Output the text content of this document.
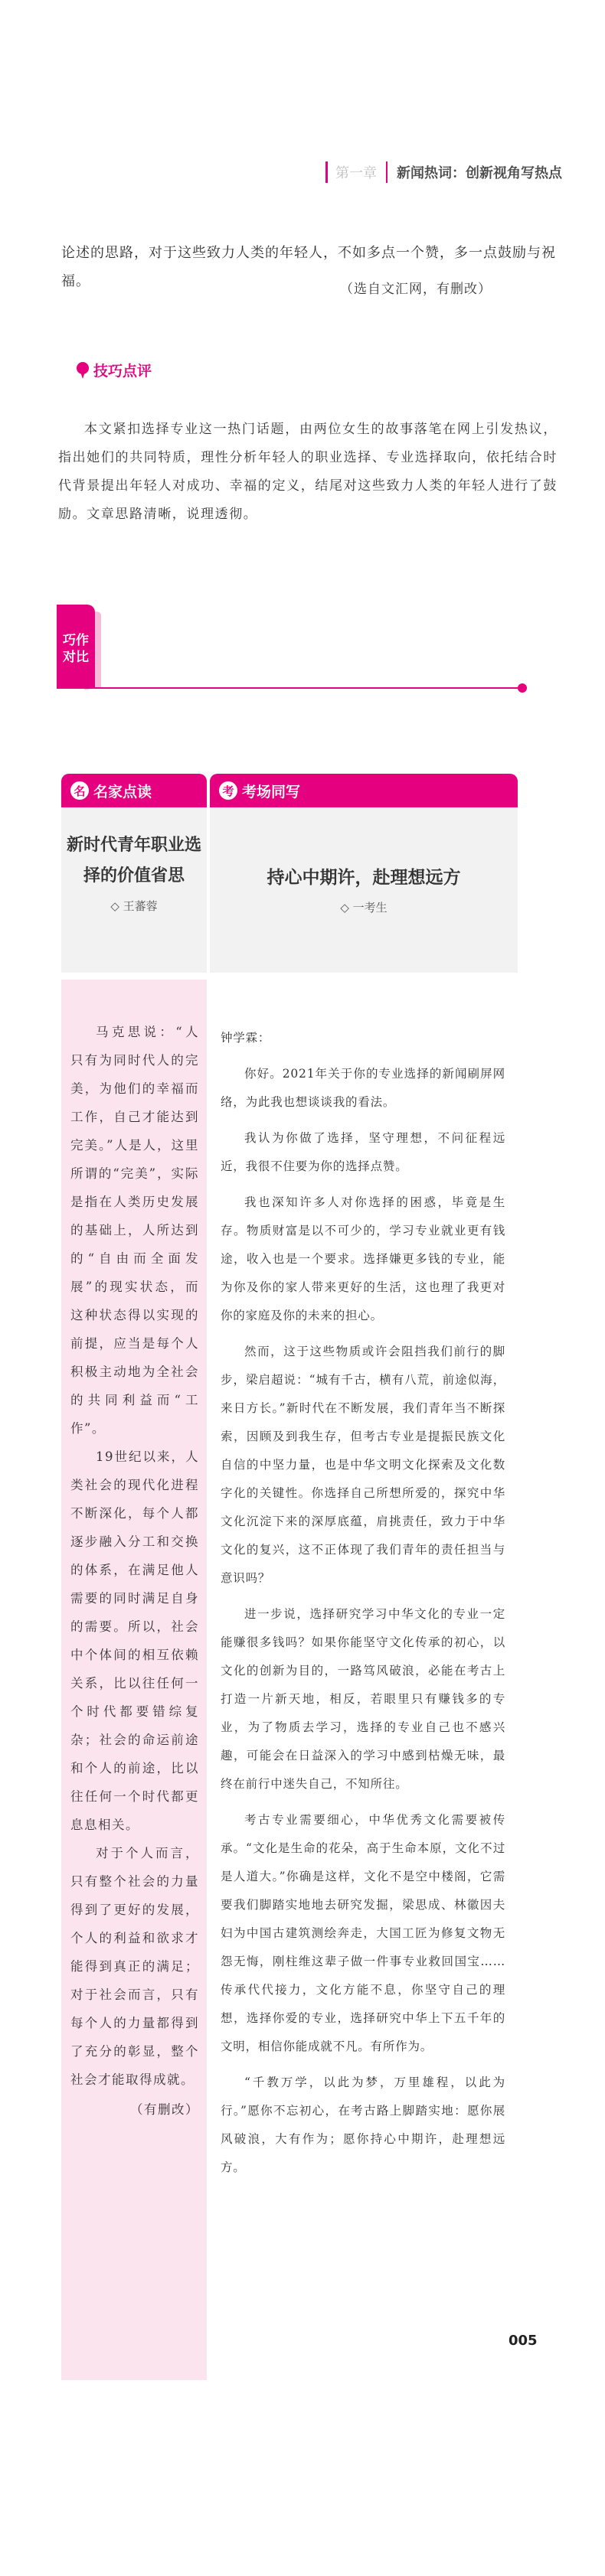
第一章 新闻热词：创新视角写热点

论述的思路，对于这些致力人类的年轻人，不如多点一个赞，多一点鼓励与祝福。	（选自文汇网，有删改）

技巧点评

本文紧扣选择专业这一热门话题，由两位女生的故事落笔在网上引发热议，指出她们的共同特质，理性分析年轻人的职业选择、专业选择取向，依托结合时代背景提出年轻人对成功、幸福的定义，结尾对这些致力人类的年轻人进行了鼓励。文章思路清晰，说理透彻。

巧作对比
名 名家点读
新时代青年职业选择的价值省思
◇ 王蕃蓉

马克思说：“人只有为同时代人的完美，为他们的幸福而工作，自己才能达到完美。”人是人，这里所谓的“完美”，实际是指在人类历史发展的基础上，人所达到的“自由而全面发展”的现实状态，而这种状态得以实现的前提，应当是每个人积极主动地为全社会的共同利益而“工作”。

19世纪以来，人类社会的现代化进程不断深化，每个人都逐步融入分工和交换的体系，在满足他人需要的同时满足自身的需要。所以，社会中个体间的相互依赖关系，比以往任何一个时代都要错综复杂；社会的命运前途和个人的前途，比以往任何一个时代都更息息相关。

对于个人而言，只有整个社会的力量得到了更好的发展，个人的利益和欲求才能得到真正的满足；对于社会而言，只有每个人的力量都得到了充分的彰显，整个社会才能取得成就。

（有删改）

考 考场同写
持心中期许，赴理想远方
◇ 一考生

钟学霖：

你好。2021年关于你的专业选择的新闻刷屏网络，为此我也想谈谈我的看法。

我认为你做了选择，坚守理想，不问征程远近，我很不住要为你的选择点赞。

我也深知许多人对你选择的困惑，毕竟是生存。物质财富是以不可少的，学习专业就业更有钱途，收入也是一个要求。选择嫌更多钱的专业，能为你及你的家人带来更好的生活，这也理了我更对你的家庭及你的未来的担心。

然而，这于这些物质或许会阻挡我们前行的脚步，梁启超说：“城有千古，横有八荒，前途似海，来日方长。”新时代在不断发展，我们青年当不断探索，因顾及到我生存，但考古专业是提振民族文化自信的中坚力量，也是中华文明文化探索及文化数字化的关键性。你选择自己所想所爱的，探究中华文化沉淀下来的深厚底蕴，肩挑责任，致力于中华文化的复兴，这不正体现了我们青年的责任担当与意识吗？

进一步说，选择研究学习中华文化的专业一定能赚很多钱吗？如果你能坚守文化传承的初心，以文化的创新为目的，一路笃风破浪，必能在考古上打造一片新天地，相反，若眼里只有赚钱多的专业，为了物质去学习，选择的专业自己也不感兴趣，可能会在日益深入的学习中感到枯燥无味，最终在前行中迷失自己，不知所往。

考古专业需要细心，中华优秀文化需要被传承。“文化是生命的花朵，高于生命本原，文化不过是人道大。”你确是这样，文化不是空中楼阁，它需要我们脚踏实地地去研究发掘，梁思成、林徽因夫妇为中国古建筑测绘奔走，大国工匠为修复文物无怨无悔，刚柱维这辈子做一件事专业救回国宝……传承代代接力，文化方能不息，你坚守自己的理想，选择你爱的专业，选择研究中华上下五千年的文明，相信你能成就不凡。有所作为。

“千教万学，以此为梦，万里雄程，以此为行。”愿你不忘初心，在考古路上脚踏实地：愿你展风破浪，大有作为；愿你持心中期许，赴理想远方。

005
